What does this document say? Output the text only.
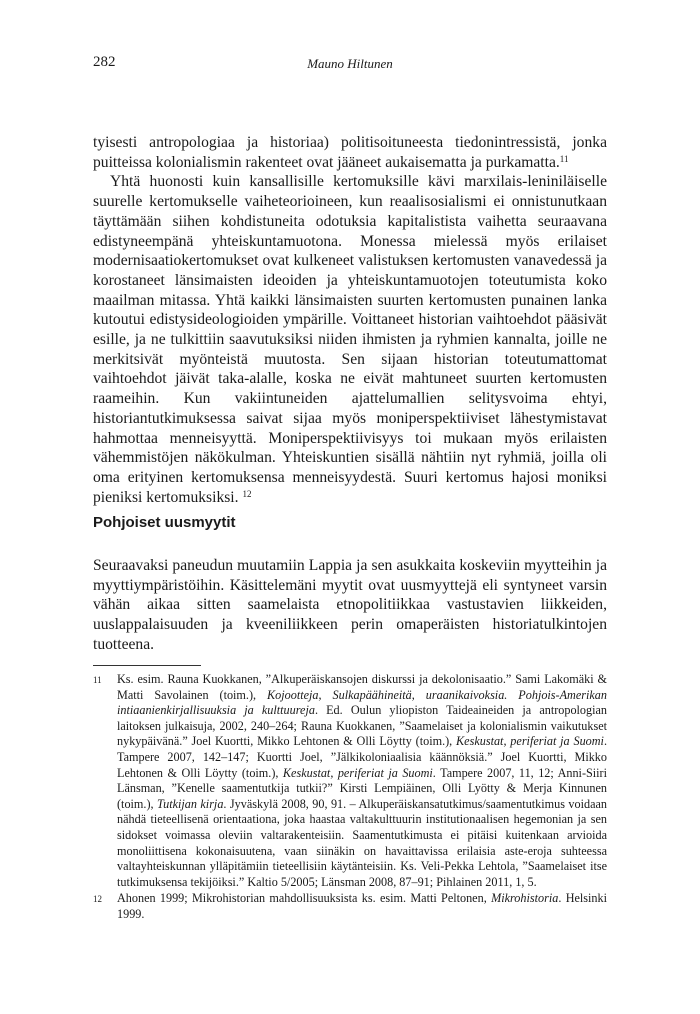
282	Mauno Hiltunen

tyisesti antropologiaa ja historiaa) politisoituneesta tiedonintressistä, jonka puitteissa kolonialismin rakenteet ovat jääneet aukaisematta ja purkamatta.$^{11}$

Yhtä huonosti kuin kansallisille kertomuksille kävi marxilais-leniniläiselle suurelle kertomukselle vaiheteorioineen, kun reaalisosialismi ei onnistunutkaan täyttämään siihen kohdistuneita odotuksia kapitalistista vaihetta seuraavana edistyneempänä yhteiskuntamuotona. Monessa mielessä myös erilaiset modernisaatiokertomukset ovat kulkeneet valistuksen kertomusten vanavedessä ja korostaneet länsimaisten ideoiden ja yhteiskuntamuotojen toteutumista koko maailman mitassa. Yhtä kaikki länsimaisten suurten kertomusten punainen lanka kutoutui edistysideologioiden ympärille. Voittaneet historian vaihtoehdot pääsivät esille, ja ne tulkittiin saavutuksiksi niiden ihmisten ja ryhmien kannalta, joille ne merkitsivät myönteistä muutosta. Sen sijaan historian toteutumattomat vaihtoehdot jäivät taka-alalle, koska ne eivät mahtuneet suurten kertomusten raameihin. Kun vakiintuneiden ajattelumallien selitysvoima ehtyi, historiantutkimuksessa saivat sijaa myös moniperspektiiviset lähestymistavat hahmottaa menneisyyttä. Moniperspektiivisyys toi mukaan myös erilaisten vähemmistöjen näkökulman. Yhteiskuntien sisällä nähtiin nyt ryhmiä, joilla oli oma erityinen kertomuksensa menneisyydestä. Suuri kertomus hajosi moniksi pieniksi kertomuksiksi. $^{12}$

Pohjoiset uusmyytit

Seuraavaksi paneudun muutamiin Lappia ja sen asukkaita koskeviin myytteihin ja myyttiympäristöihin. Käsittelemäni myytit ovat uusmyyttejä eli syntyneet varsin vähän aikaa sitten saamelaista etnopolitiikkaa vastustavien liikkeiden, uuslappalaisuuden ja kveeniliikkeen perin omaperäisten historiatulkintojen tuotteena.

11 Ks. esim. Rauna Kuokkanen, ”Alkuperäiskansojen diskurssi ja dekolonisaatio.” Sami Lakomäki & Matti Savolainen (toim.), Kojootteja, Sulkapäähineitä, uraanikaivoksia. Pohjois-Amerikan intiaanienkirjallisuuksia ja kulttuureja. Ed. Oulun yliopiston Taideaineiden ja antropologian laitoksen julkaisuja, 2002, 240–264; Rauna Kuokkanen, ”Saamelaiset ja kolonialismin vaikutukset nykypäivänä.” Joel Kuortti, Mikko Lehtonen & Olli Löytty (toim.), Keskustat, periferiat ja Suomi. Tampere 2007, 142–147; Kuortti Joel, ”Jälkikoloniaalisia käännöksiä.” Joel Kuortti, Mikko Lehtonen & Olli Löytty (toim.), Keskustat, periferiat ja Suomi. Tampere 2007, 11, 12; Anni-Siiri Länsman, ”Kenelle saamentutkija tutkii?” Kirsti Lempiäinen, Olli Lyötty & Merja Kinnunen (toim.), Tutkijan kirja. Jyväskylä 2008, 90, 91. – Alkuperäiskansatutkimus/saamentutkimus voidaan nähdä tieteellisenä orientaationa, joka haastaa valtakulttuurin institutionaalisen hegemonian ja sen sidokset voimassa oleviin valtarakenteisiin. Saamentutkimusta ei pitäisi kuitenkaan arvioida monoliittisena kokonaisuutena, vaan siinäkin on havaittavissa erilaisia aste-eroja suhteessa valtayhteiskunnan ylläpitämiin tieteellisiin käytänteisiin. Ks. Veli-Pekka Lehtola, ”Saamelaiset itse tutkimuksensa tekijöiksi.” Kaltio 5/2005; Länsman 2008, 87–91; Pihlainen 2011, 1, 5.
12 Ahonen 1999; Mikrohistorian mahdollisuuksista ks. esim. Matti Peltonen, Mikrohistoria. Helsinki 1999.
